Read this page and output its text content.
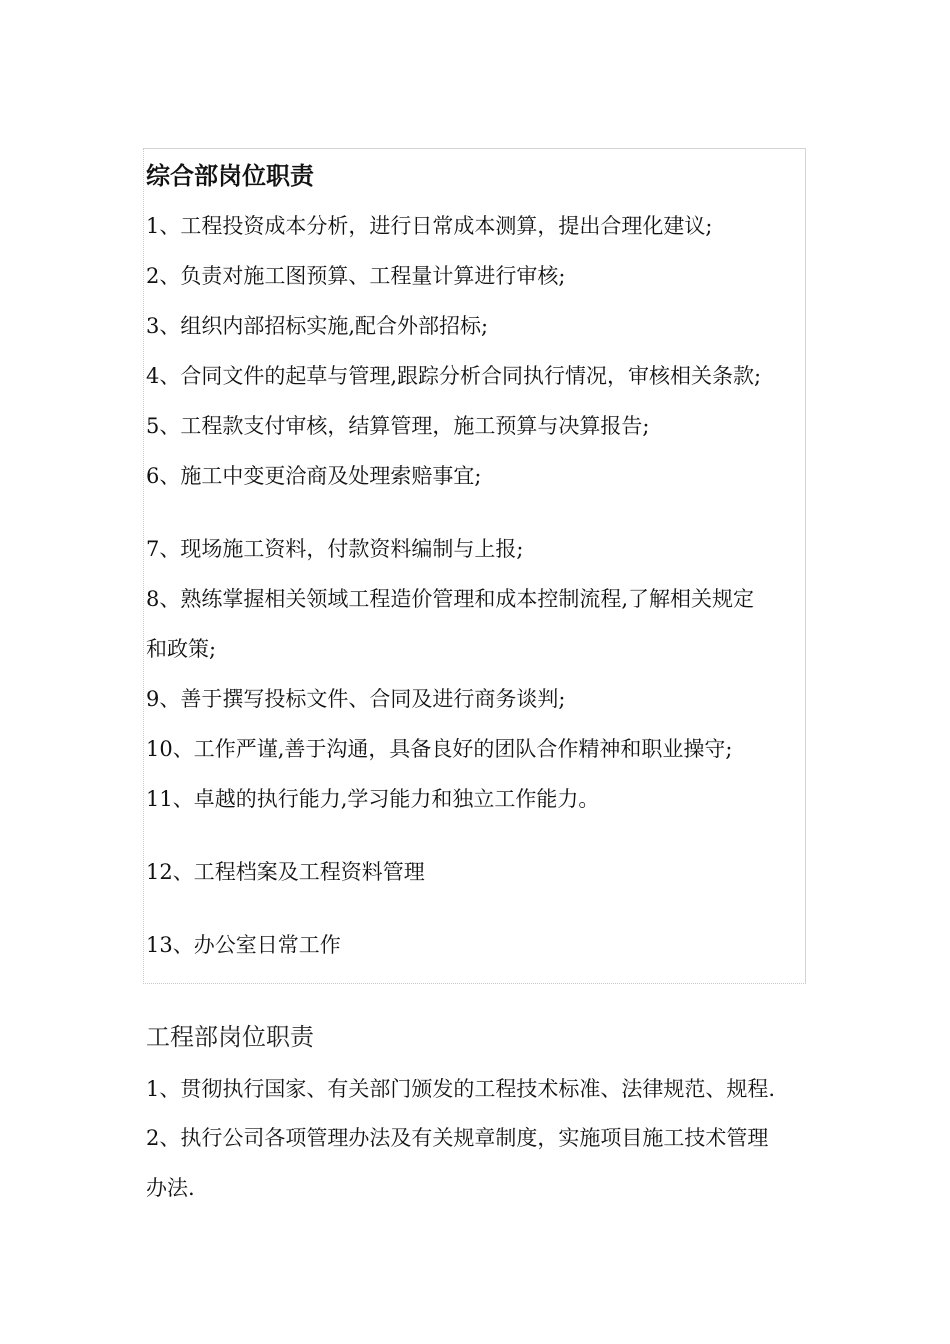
综合部岗位职责
1、工程投资成本分析，进行日常成本测算，提出合理化建议;
2、负责对施工图预算、工程量计算进行审核;
3、组织内部招标实施,配合外部招标;
4、合同文件的起草与管理,跟踪分析合同执行情况，审核相关条款;
5、工程款支付审核，结算管理，施工预算与决算报告;
6、施工中变更洽商及处理索赔事宜;
7、现场施工资料，付款资料编制与上报;
8、熟练掌握相关领域工程造价管理和成本控制流程,了解相关规定
和政策;
9、善于撰写投标文件、合同及进行商务谈判;
10、工作严谨,善于沟通，具备良好的团队合作精神和职业操守;
11、卓越的执行能力,学习能力和独立工作能力。
12、工程档案及工程资料管理
13、办公室日常工作
工程部岗位职责
1、贯彻执行国家、有关部门颁发的工程技术标准、法律规范、规程.
2、执行公司各项管理办法及有关规章制度，实施项目施工技术管理
办法.
